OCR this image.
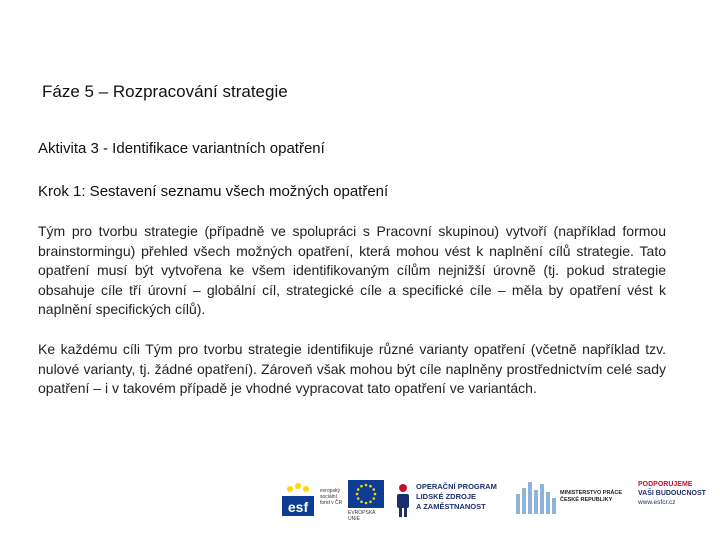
Fáze 5 – Rozpracování strategie
Aktivita 3 - Identifikace variantních opatření
Krok 1: Sestavení seznamu všech možných opatření
Tým pro tvorbu strategie (případně ve spolupráci s Pracovní skupinou) vytvoří (například formou brainstormingu) přehled všech možných opatření, která mohou vést k naplnění cílů strategie. Tato opatření musí být vytvořena ke všem identifikovaným cílům nejnižší úrovně (tj. pokud strategie obsahuje cíle tří úrovní – globální cíl, strategické cíle a specifické cíle – měla by opatření vést k naplnění specifických cílů).
Ke každému cíli Tým pro tvorbu strategie identifikuje různé varianty opatření (včetně například tzv. nulové varianty, tj. žádné opatření). Zároveň však mohou být cíle naplněny prostřednictvím celé sady opatření – i v takovém případě je vhodné vypracovat tato opatření ve variantách.
esf
evropský sociální fond v ČR
EVROPSKÁ UNIE
OPERAČNÍ PROGRAM
LIDSKÉ ZDROJE
A ZAMĚSTNANOST
MINISTERSTVO PRÁCE
ČESKÉ REPUBLIKY
PODPORUJEME
VAŠI BUDOUCNOST
www.esfcr.cz
